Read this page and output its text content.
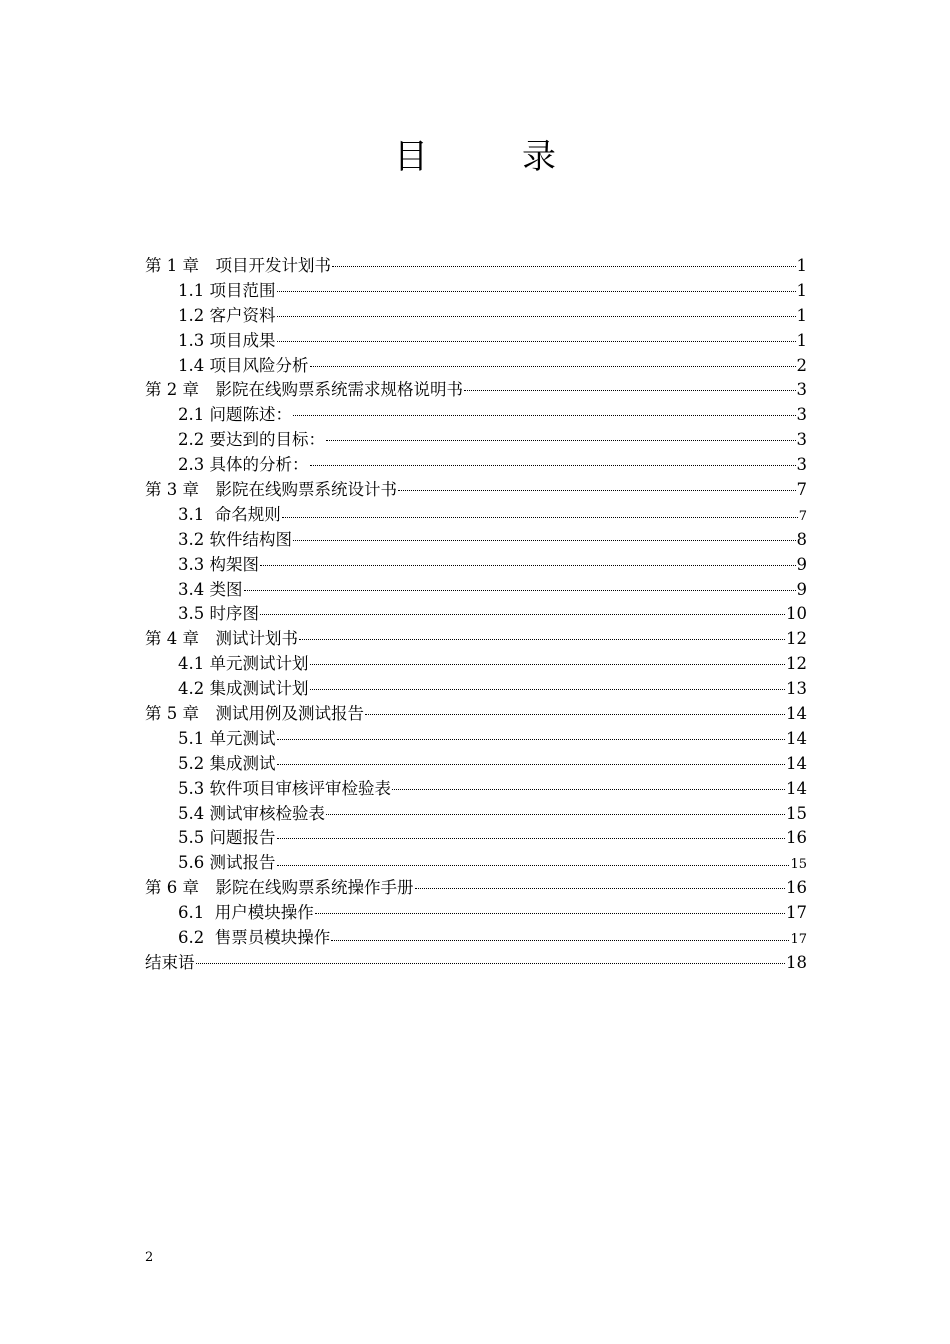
目　录
第 1 章　项目开发计划书	1
1.1 项目范围	1
1.2 客户资料	1
1.3 项目成果	1
1.4 项目风险分析	2
第 2 章　影院在线购票系统需求规格说明书	3
2.1 问题陈述：	3
2.2 要达到的目标：	3
2.3 具体的分析：	3
第 3 章　影院在线购票系统设计书	7
3.1  命名规则	7
3.2 软件结构图	8
3.3 构架图	9
3.4 类图	9
3.5 时序图	10
第 4 章　测试计划书	12
4.1 单元测试计划	12
4.2 集成测试计划	13
第 5 章　测试用例及测试报告	14
5.1 单元测试	14
5.2 集成测试	14
5.3 软件项目审核评审检验表	14
5.4 测试审核检验表	15
5.5 问题报告	16
5.6 测试报告	15
第 6 章　影院在线购票系统操作手册	16
6.1  用户模块操作	17
6.2  售票员模块操作	17
结束语	18
2
